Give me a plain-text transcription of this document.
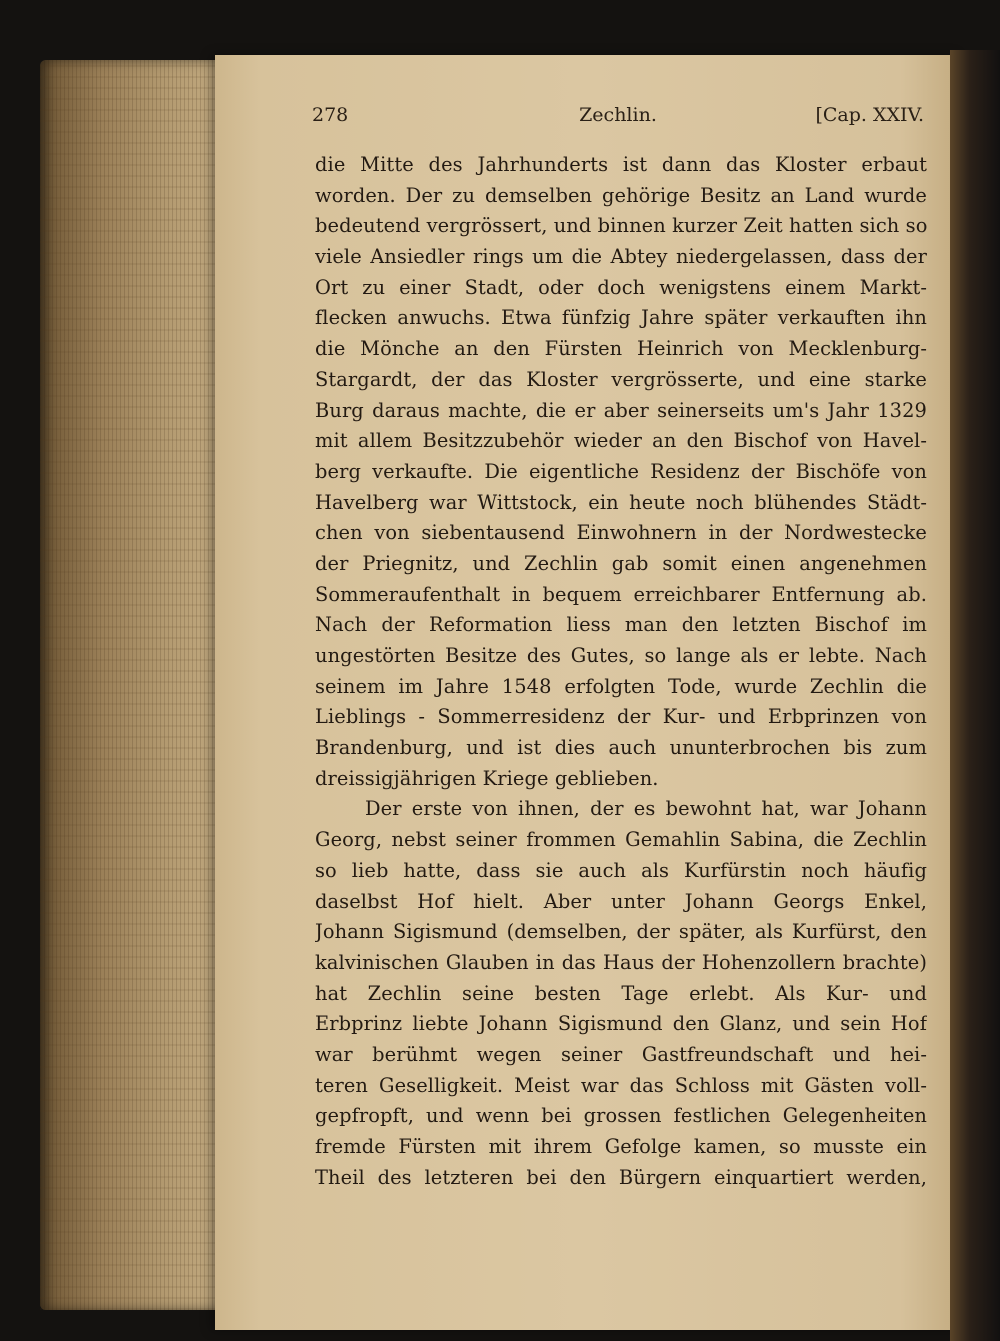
278	Zechlin.	[Cap. XXIV.
die Mitte des Jahrhunderts ist dann das Kloster erbaut
worden. Der zu demselben gehörige Besitz an Land wurde
bedeutend vergrössert, und binnen kurzer Zeit hatten sich so
viele Ansiedler rings um die Abtey niedergelassen, dass der
Ort zu einer Stadt, oder doch wenigstens einem Markt-
flecken anwuchs. Etwa fünfzig Jahre später verkauften ihn
die Mönche an den Fürsten Heinrich von Mecklenburg-
Stargardt, der das Kloster vergrösserte, und eine starke
Burg daraus machte, die er aber seinerseits um's Jahr 1329
mit allem Besitzzubehör wieder an den Bischof von Havel-
berg verkaufte. Die eigentliche Residenz der Bischöfe von
Havelberg war Wittstock, ein heute noch blühendes Städt-
chen von siebentausend Einwohnern in der Nordwestecke
der Priegnitz, und Zechlin gab somit einen angenehmen
Sommeraufenthalt in bequem erreichbarer Entfernung ab.
Nach der Reformation liess man den letzten Bischof im
ungestörten Besitze des Gutes, so lange als er lebte. Nach
seinem im Jahre 1548 erfolgten Tode, wurde Zechlin die
Lieblings - Sommerresidenz der Kur- und Erbprinzen von
Brandenburg, und ist dies auch ununterbrochen bis zum
dreissigjährigen Kriege geblieben.
Der erste von ihnen, der es bewohnt hat, war Johann
Georg, nebst seiner frommen Gemahlin Sabina, die Zechlin
so lieb hatte, dass sie auch als Kurfürstin noch häufig
daselbst Hof hielt. Aber unter Johann Georgs Enkel,
Johann Sigismund (demselben, der später, als Kurfürst, den
kalvinischen Glauben in das Haus der Hohenzollern brachte)
hat Zechlin seine besten Tage erlebt. Als Kur- und
Erbprinz liebte Johann Sigismund den Glanz, und sein Hof
war berühmt wegen seiner Gastfreundschaft und hei-
teren Geselligkeit. Meist war das Schloss mit Gästen voll-
gepfropft, und wenn bei grossen festlichen Gelegenheiten
fremde Fürsten mit ihrem Gefolge kamen, so musste ein
Theil des letzteren bei den Bürgern einquartiert werden,
